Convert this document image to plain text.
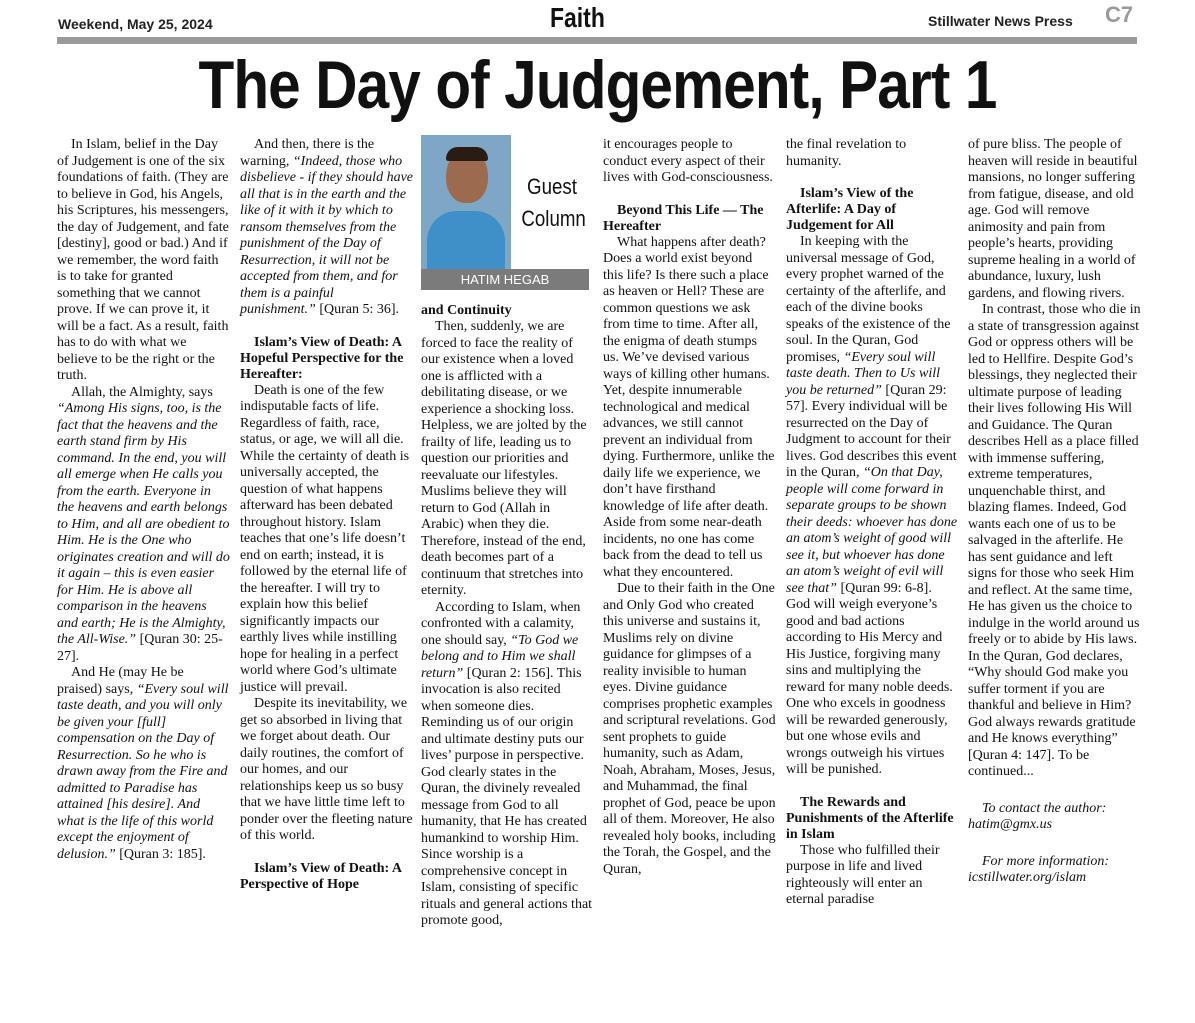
Weekend, May 25, 2024	Faith	Stillwater News Press C7
The Day of Judgement, Part 1

In Islam, belief in the Day of Judgement is one of the six foundations of faith. (They are to believe in God, his Angels, his Scriptures, his messengers, the day of Judgement, and fate [destiny], good or bad.) And if we remember, the word faith is to take for granted something that we cannot prove. If we can prove it, it will be a fact. As a result, faith has to do with what we believe to be the right or the truth.

Allah, the Almighty, says “Among His signs, too, is the fact that the heavens and the earth stand firm by His command. In the end, you will all emerge when He calls you from the earth. Everyone in the heavens and earth belongs to Him, and all are obedient to Him. He is the One who originates creation and will do it again – this is even easier for Him. He is above all comparison in the heavens and earth; He is the Almighty, the All-Wise.” [Quran 30: 25-27].

And He (may He be praised) says, “Every soul will taste death, and you will only be given your [full] compensation on the Day of Resurrection. So he who is drawn away from the Fire and admitted to Paradise has attained [his desire]. And what is the life of this world except the enjoyment of delusion.” [Quran 3: 185].

And then, there is the warning, “Indeed, those who disbelieve - if they should have all that is in the earth and the like of it with it by which to ransom themselves from the punishment of the Day of Resurrection, it will not be accepted from them, and for them is a painful punishment.” [Quran 5: 36].

Islam’s View of Death: A Hopeful Perspective for the Hereafter:

Death is one of the few indisputable facts of life. Regardless of faith, race, status, or age, we will all die. While the certainty of death is universally accepted, the question of what happens afterward has been debated throughout history. Islam teaches that one’s life doesn’t end on earth; instead, it is followed by the eternal life of the hereafter. I will try to explain how this belief significantly impacts our earthly lives while instilling hope for healing in a perfect world where God’s ultimate justice will prevail.

Despite its inevitability, we get so absorbed in living that we forget about death. Our daily routines, the comfort of our homes, and our relationships keep us so busy that we have little time left to ponder over the fleeting nature of this world.

Islam’s View of Death: A Perspective of Hope
Guest
Column
HATIM HEGAB
and Continuity

Then, suddenly, we are forced to face the reality of our existence when a loved one is afflicted with a debilitating disease, or we experience a shocking loss. Helpless, we are jolted by the frailty of life, leading us to question our priorities and reevaluate our lifestyles. Muslims believe they will return to God (Allah in Arabic) when they die. Therefore, instead of the end, death becomes part of a continuum that stretches into eternity.

According to Islam, when confronted with a calamity, one should say, “To God we belong and to Him we shall return” [Quran 2: 156]. This invocation is also recited when someone dies. Reminding us of our origin and ultimate destiny puts our lives’ purpose in perspective. God clearly states in the Quran, the divinely revealed message from God to all humanity, that He has created humankind to worship Him. Since worship is a comprehensive concept in Islam, consisting of specific rituals and general actions that promote good,

it encourages people to conduct every aspect of their lives with God-consciousness.

Beyond This Life — The Hereafter

What happens after death? Does a world exist beyond this life? Is there such a place as heaven or Hell? These are common questions we ask from time to time. After all, the enigma of death stumps us. We’ve devised various ways of killing other humans. Yet, despite innumerable technological and medical advances, we still cannot prevent an individual from dying. Furthermore, unlike the daily life we experience, we don’t have firsthand knowledge of life after death. Aside from some near-death incidents, no one has come back from the dead to tell us what they encountered.

Due to their faith in the One and Only God who created this universe and sustains it, Muslims rely on divine guidance for glimpses of a reality invisible to human eyes. Divine guidance comprises prophetic examples and scriptural revelations. God sent prophets to guide humanity, such as Adam, Noah, Abraham, Moses, Jesus, and Muhammad, the final prophet of God, peace be upon all of them. Moreover, He also revealed holy books, including the Torah, the Gospel, and the Quran,

the final revelation to humanity.

Islam’s View of the Afterlife: A Day of Judgement for All

In keeping with the universal message of God, every prophet warned of the certainty of the afterlife, and each of the divine books speaks of the existence of the soul. In the Quran, God promises, “Every soul will taste death. Then to Us will you be returned” [Quran 29: 57]. Every individual will be resurrected on the Day of Judgment to account for their lives. God describes this event in the Quran, “On that Day, people will come forward in separate groups to be shown their deeds: whoever has done an atom’s weight of good will see it, but whoever has done an atom’s weight of evil will see that” [Quran 99: 6-8]. God will weigh everyone’s good and bad actions according to His Mercy and His Justice, forgiving many sins and multiplying the reward for many noble deeds. One who excels in goodness will be rewarded generously, but one whose evils and wrongs outweigh his virtues will be punished.

The Rewards and Punishments of the Afterlife in Islam

Those who fulfilled their purpose in life and lived righteously will enter an eternal paradise

of pure bliss. The people of heaven will reside in beautiful mansions, no longer suffering from fatigue, disease, and old age. God will remove animosity and pain from people’s hearts, providing supreme healing in a world of abundance, luxury, lush gardens, and flowing rivers.

In contrast, those who die in a state of transgression against God or oppress others will be led to Hellfire. Despite God’s blessings, they neglected their ultimate purpose of leading their lives following His Will and Guidance. The Quran describes Hell as a place filled with immense suffering, extreme temperatures, unquenchable thirst, and blazing flames. Indeed, God wants each one of us to be salvaged in the afterlife. He has sent guidance and left signs for those who seek Him and reflect. At the same time, He has given us the choice to indulge in the world around us freely or to abide by His laws. In the Quran, God declares, “Why should God make you suffer torment if you are thankful and believe in Him? God always rewards gratitude and He knows everything” [Quran 4: 147]. To be continued...

To contact the author:
hatim@gmx.us

For more information:
icstillwater.org/islam
